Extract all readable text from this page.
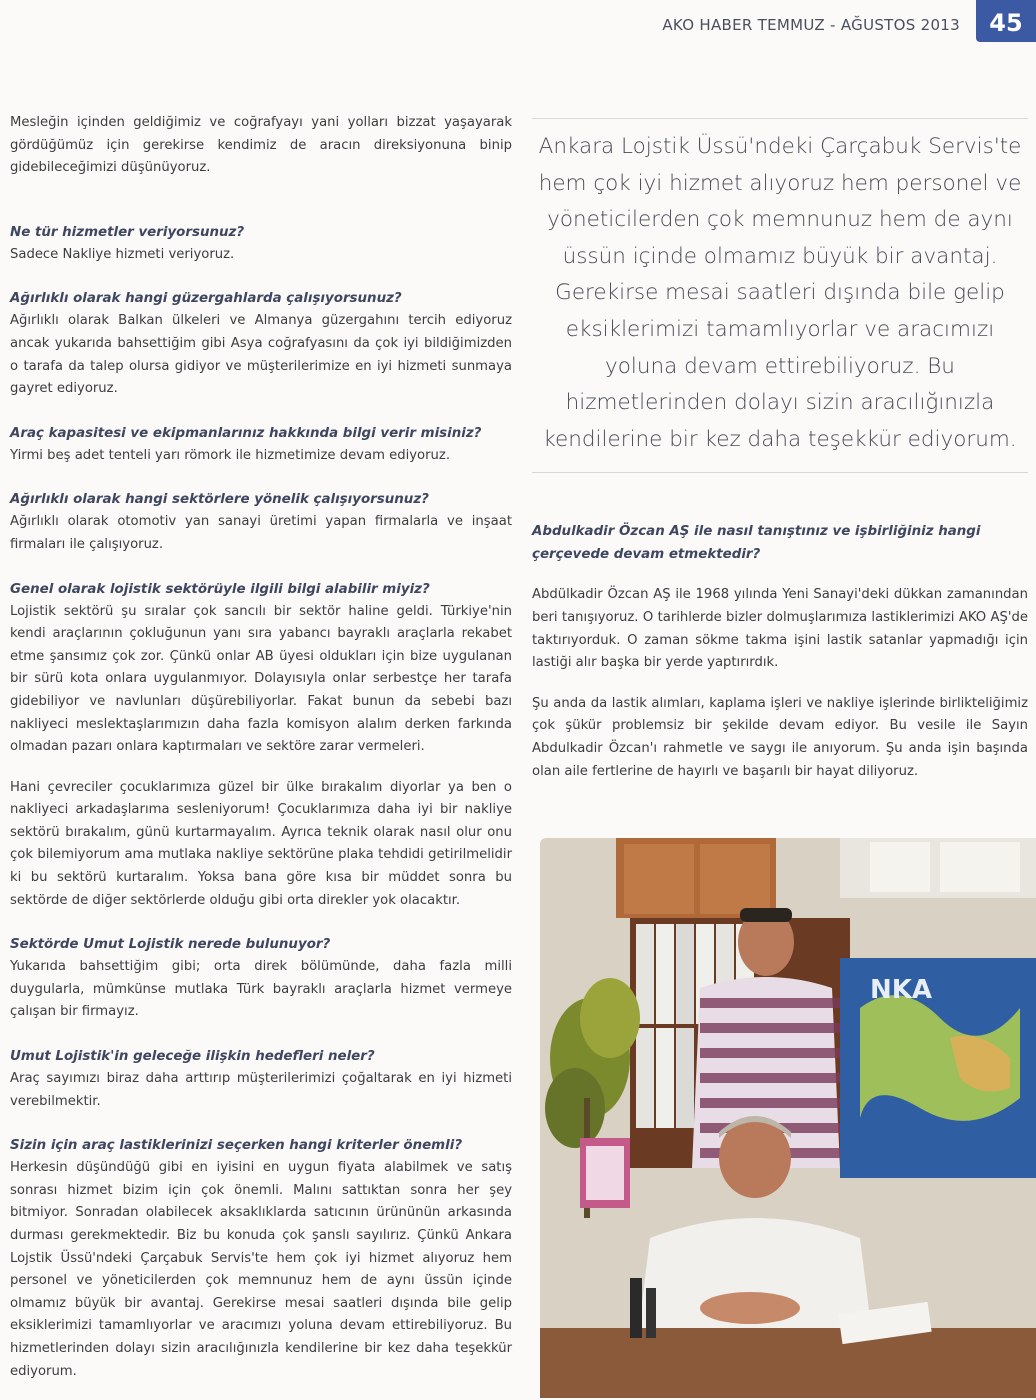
AKO HABER TEMMUZ - AĞUSTOS 2013	45

Mesleğin içinden geldiğimiz ve coğrafyayı yani yolları bizzat yaşayarak gördüğümüz için gerekirse kendimiz de aracın direksiyonuna binip gidebileceğimizi düşünüyoruz.

Ne tür hizmetler veriyorsunuz?

Sadece Nakliye hizmeti veriyoruz.

Ağırlıklı olarak hangi güzergahlarda çalışıyorsunuz?

Ağırlıklı olarak Balkan ülkeleri ve Almanya güzergahını tercih ediyoruz ancak yukarıda bahsettiğim gibi Asya coğrafyasını da çok iyi bildiğimizden o tarafa da talep olursa gidiyor ve müşterilerimize en iyi hizmeti sunmaya gayret ediyoruz.

Araç kapasitesi ve ekipmanlarınız hakkında bilgi verir misiniz?

Yirmi beş adet tenteli yarı römork ile hizmetimize devam ediyoruz.

Ağırlıklı olarak hangi sektörlere yönelik çalışıyorsunuz?

Ağırlıklı olarak otomotiv yan sanayi üretimi yapan firmalarla ve inşaat firmaları ile çalışıyoruz.

Genel olarak lojistik sektörüyle ilgili bilgi alabilir miyiz?

Lojistik sektörü şu sıralar çok sancılı bir sektör haline geldi. Türkiye'nin kendi araçlarının çokluğunun yanı sıra yabancı bayraklı araçlarla rekabet etme şansımız çok zor. Çünkü onlar AB üyesi oldukları için bize uygulanan bir sürü kota onlara uygulanmıyor. Dolayısıyla onlar serbestçe her tarafa gidebiliyor ve navlunları düşürebiliyorlar. Fakat bunun da sebebi bazı nakliyeci meslektaşlarımızın daha fazla komisyon alalım derken farkında olmadan pazarı onlara kaptırmaları ve sektöre zarar vermeleri.

Hani çevreciler çocuklarımıza güzel bir ülke bırakalım diyorlar ya ben o nakliyeci arkadaşlarıma sesleniyorum! Çocuklarımıza daha iyi bir nakliye sektörü bırakalım, günü kurtarmayalım. Ayrıca teknik olarak nasıl olur onu çok bilemiyorum ama mutlaka nakliye sektörüne plaka tehdidi getirilmelidir ki bu sektörü kurtaralım. Yoksa bana göre kısa bir müddet sonra bu sektörde de diğer sektörlerde olduğu gibi orta direkler yok olacaktır.

Sektörde Umut Lojistik nerede bulunuyor?

Yukarıda bahsettiğim gibi; orta direk bölümünde, daha fazla milli duygularla, mümkünse mutlaka Türk bayraklı araçlarla hizmet vermeye çalışan bir firmayız.

Umut Lojistik'in geleceğe ilişkin hedefleri neler?

Araç sayımızı biraz daha arttırıp müşterilerimizi çoğaltarak en iyi hizmeti verebilmektir.

Sizin için araç lastiklerinizi seçerken hangi kriterler önemli?

Herkesin düşündüğü gibi en iyisini en uygun fiyata alabilmek ve satış sonrası hizmet bizim için çok önemli. Malını sattıktan sonra her şey bitmiyor. Sonradan olabilecek aksaklıklarda satıcının ürününün arkasında durması gerekmektedir. Biz bu konuda çok şanslı sayılırız. Çünkü Ankara Lojstik Üssü'ndeki Çarçabuk Servis'te hem çok iyi hizmet alıyoruz hem personel ve yöneticilerden çok memnunuz hem de aynı üssün içinde olmamız büyük bir avantaj. Gerekirse mesai saatleri dışında bile gelip eksiklerimizi tamamlıyorlar ve aracımızı yoluna devam ettirebiliyoruz. Bu hizmetlerinden dolayı sizin aracılığınızla kendilerine bir kez daha teşekkür ediyorum.

Ankara Lojstik Üssü'ndeki Çarçabuk Servis'te hem çok iyi hizmet alıyoruz hem personel ve yöneticilerden çok memnunuz hem de aynı üssün içinde olmamız büyük bir avantaj. Gerekirse mesai saatleri dışında bile gelip eksiklerimizi tamamlıyorlar ve aracımızı yoluna devam ettirebiliyoruz. Bu hizmetlerinden dolayı sizin aracılığınızla kendilerine bir kez daha teşekkür ediyorum.
Abdulkadir Özcan AŞ ile nasıl tanıştınız ve işbirliğiniz hangi çerçevede devam etmektedir?

Abdülkadir Özcan AŞ ile 1968 yılında Yeni Sanayi'deki dükkan zamanından beri tanışıyoruz. O tarihlerde bizler dolmuşlarımıza lastiklerimizi AKO AŞ'de taktırıyorduk. O zaman sökme takma işini lastik satanlar yapmadığı için lastiği alır başka bir yerde yaptırırdık.

Şu anda da lastik alımları, kaplama işleri ve nakliye işlerinde birlikteliğimiz çok şükür problemsiz bir şekilde devam ediyor. Bu vesile ile Sayın Abdulkadir Özcan'ı rahmetle ve saygı ile anıyorum. Şu anda işin başında olan aile fertlerine de hayırlı ve başarılı bir hayat diliyoruz.

NKA
